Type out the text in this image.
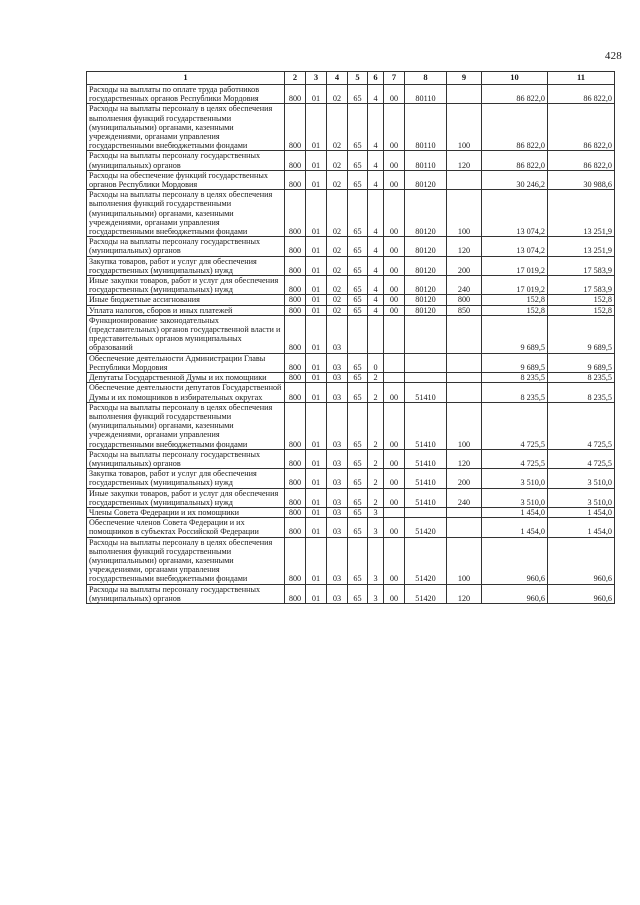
428
1	2	3	4	5	6	7	8	9	10	11
Расходы на выплаты по оплате труда работников государственных органов Республики Мордовия	800	01	02	65	4	00	80110		86 822,0	86 822,0
Расходы на выплаты персоналу в целях обеспечения выполнения функций государственными (муниципальными) органами, казенными учреждениями, органами управления государственными внебюджетными фондами	800	01	02	65	4	00	80110	100	86 822,0	86 822,0
Расходы на выплаты персоналу государственных (муниципальных) органов	800	01	02	65	4	00	80110	120	86 822,0	86 822,0
Расходы на обеспечение функций государственных органов Республики Мордовия	800	01	02	65	4	00	80120		30 246,2	30 988,6
Расходы на выплаты персоналу в целях обеспечения выполнения функций государственными (муниципальными) органами, казенными учреждениями, органами управления государственными внебюджетными фондами	800	01	02	65	4	00	80120	100	13 074,2	13 251,9
Расходы на выплаты персоналу государственных (муниципальных) органов	800	01	02	65	4	00	80120	120	13 074,2	13 251,9
Закупка товаров, работ и услуг для обеспечения государственных (муниципальных) нужд	800	01	02	65	4	00	80120	200	17 019,2	17 583,9
Иные закупки товаров, работ и услуг для обеспечения государственных (муниципальных) нужд	800	01	02	65	4	00	80120	240	17 019,2	17 583,9
Иные бюджетные ассигнования	800	01	02	65	4	00	80120	800	152,8	152,8
Уплата налогов, сборов и иных платежей	800	01	02	65	4	00	80120	850	152,8	152,8
Функционирование законодательных (представительных) органов государственной власти и представительных органов муниципальных образований	800	01	03						9 689,5	9 689,5
Обеспечение деятельности Администрации Главы Республики Мордовия	800	01	03	65	0				9 689,5	9 689,5
Депутаты Государственной Думы и их помощники	800	01	03	65	2				8 235,5	8 235,5
Обеспечение деятельности депутатов Государственной Думы и их помощников в избирательных округах	800	01	03	65	2	00	51410		8 235,5	8 235,5
Расходы на выплаты персоналу в целях обеспечения выполнения функций государственными (муниципальными) органами, казенными учреждениями, органами управления государственными внебюджетными фондами	800	01	03	65	2	00	51410	100	4 725,5	4 725,5
Расходы на выплаты персоналу государственных (муниципальных) органов	800	01	03	65	2	00	51410	120	4 725,5	4 725,5
Закупка товаров, работ и услуг для обеспечения государственных (муниципальных) нужд	800	01	03	65	2	00	51410	200	3 510,0	3 510,0
Иные закупки товаров, работ и услуг для обеспечения государственных (муниципальных) нужд	800	01	03	65	2	00	51410	240	3 510,0	3 510,0
Члены Совета Федерации и их помощники	800	01	03	65	3				1 454,0	1 454,0
Обеспечение членов Совета Федерации и их помощников в субъектах Российской Федерации	800	01	03	65	3	00	51420		1 454,0	1 454,0
Расходы на выплаты персоналу в целях обеспечения выполнения функций государственными (муниципальными) органами, казенными учреждениями, органами управления государственными внебюджетными фондами	800	01	03	65	3	00	51420	100	960,6	960,6
Расходы на выплаты персоналу государственных (муниципальных) органов	800	01	03	65	3	00	51420	120	960,6	960,6
